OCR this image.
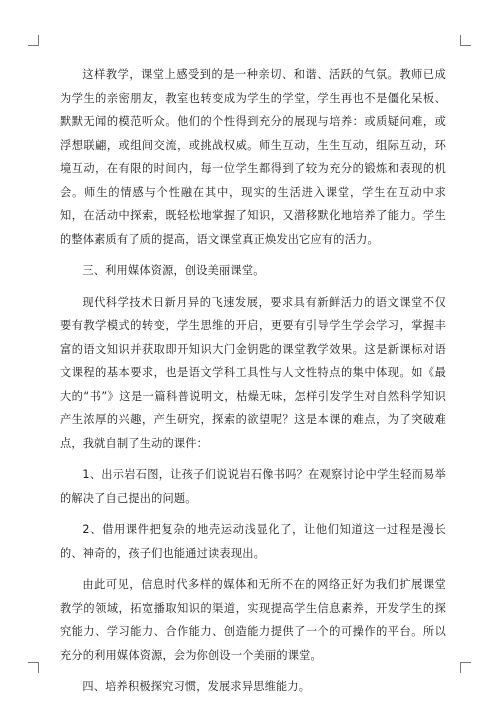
这样教学，课堂上感受到的是一种亲切、和谐、活跃的气氛。教师已成为学生的亲密朋友，教室也转变成为学生的学堂，学生再也不是僵化呆板、默默无闻的模范听众。他们的个性得到充分的展现与培养：或质疑问难，或浮想联翩，或组间交流，或挑战权威。师生互动，生生互动，组际互动，环境互动，在有限的时间内，每一位学生都得到了较为充分的锻炼和表现的机会。师生的情感与个性融在其中，现实的生活进入课堂，学生在互动中求知，在活动中探索，既轻松地掌握了知识，又潜移默化地培养了能力。学生的整体素质有了质的提高，语文课堂真正焕发出它应有的活力。

三、利用媒体资源，创设美丽课堂。

现代科学技术日新月异的飞速发展，要求具有新鲜活力的语文课堂不仅要有教学模式的转变，学生思维的开启，更要有引导学生学会学习，掌握丰富的语文知识并获取即开知识大门金钥匙的课堂教学效果。这是新课标对语文课程的基本要求，也是语文学科工具性与人文性特点的集中体现。如《最大的“书”》这是一篇科普说明文，枯燥无味，怎样引发学生对自然科学知识产生浓厚的兴趣，产生研究，探索的欲望呢？这是本课的难点，为了突破难点，我就自制了生动的课件：

1、出示岩石图，让孩子们说说岩石像书吗？在观察讨论中学生轻而易举的解决了自己提出的问题。

2、借用课件把复杂的地壳运动浅显化了，让他们知道这一过程是漫长的、神奇的，孩子们也能通过读表现出。

由此可见，信息时代多样的媒体和无所不在的网络正好为我们扩展课堂教学的领域，拓宽播取知识的渠道，实现提高学生信息素养，开发学生的探究能力、学习能力、合作能力、创造能力提供了一个的可操作的平台。所以充分的利用媒体资源，会为你创设一个美丽的课堂。

四、培养积极探究习惯，发展求异思维能力。
